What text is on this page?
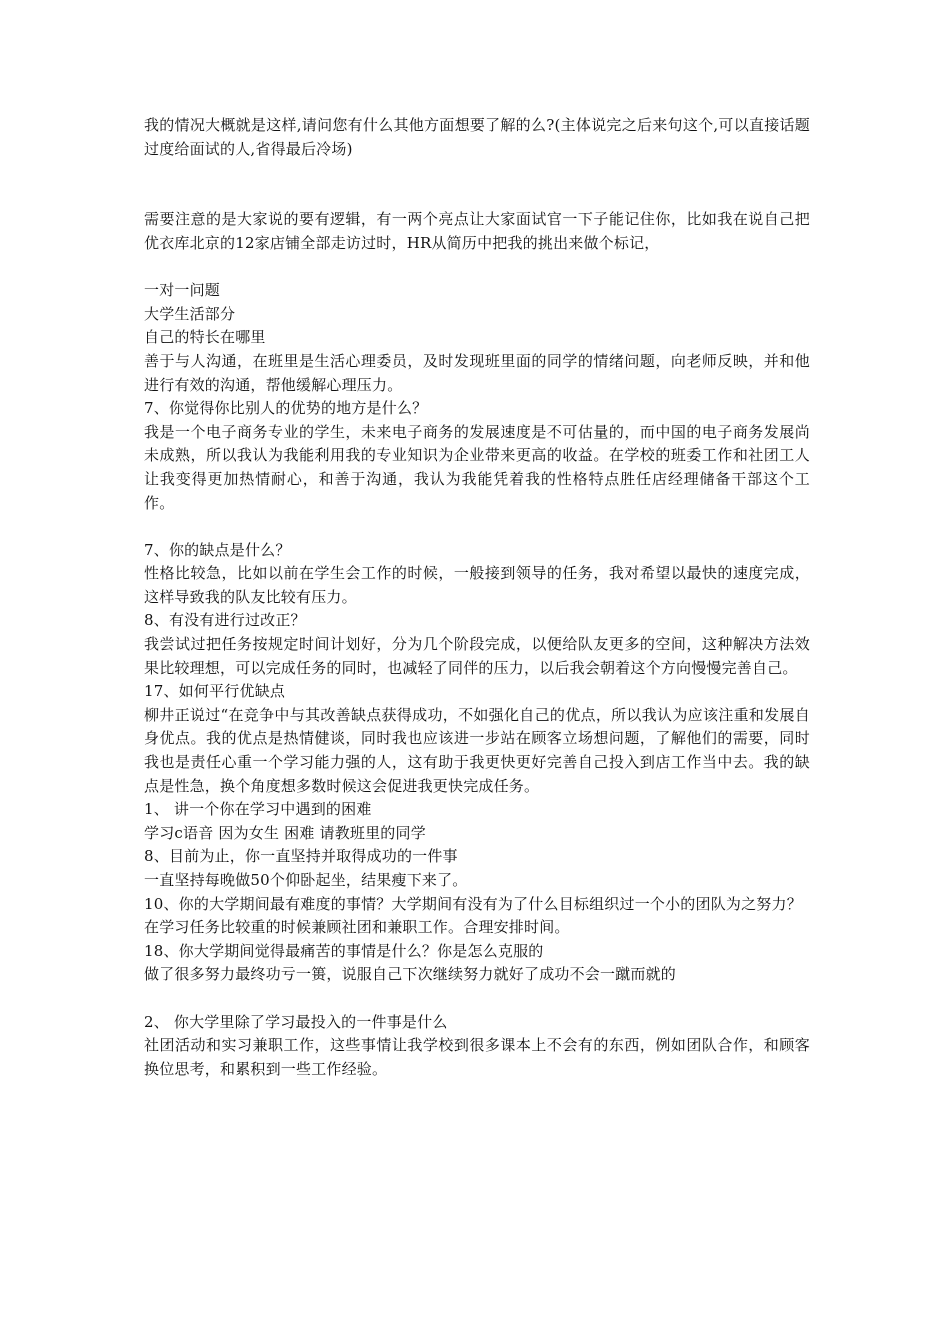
我的情况大概就是这样,请问您有什么其他方面想要了解的么?(主体说完之后来句这个,可以直接话题过度给面试的人,省得最后冷场)

需要注意的是大家说的要有逻辑，有一两个亮点让大家面试官一下子能记住你，比如我在说自己把优衣库北京的12家店铺全部走访过时，HR从简历中把我的挑出来做个标记，

一对一问题

大学生活部分

自己的特长在哪里

善于与人沟通，在班里是生活心理委员，及时发现班里面的同学的情绪问题，向老师反映，并和他进行有效的沟通，帮他缓解心理压力。

7、你觉得你比别人的优势的地方是什么？

我是一个电子商务专业的学生，未来电子商务的发展速度是不可估量的，而中国的电子商务发展尚未成熟，所以我认为我能利用我的专业知识为企业带来更高的收益。在学校的班委工作和社团工人让我变得更加热情耐心，和善于沟通，我认为我能凭着我的性格特点胜任店经理储备干部这个工作。

7、你的缺点是什么？

性格比较急，比如以前在学生会工作的时候，一般接到领导的任务，我对希望以最快的速度完成，这样导致我的队友比较有压力。

8、有没有进行过改正？

我尝试过把任务按规定时间计划好，分为几个阶段完成，以便给队友更多的空间，这种解决方法效果比较理想，可以完成任务的同时，也减轻了同伴的压力，以后我会朝着这个方向慢慢完善自己。

17、如何平行优缺点

柳井正说过“在竞争中与其改善缺点获得成功，不如强化自己的优点，所以我认为应该注重和发展自身优点。我的优点是热情健谈，同时我也应该进一步站在顾客立场想问题，了解他们的需要，同时我也是责任心重一个学习能力强的人，这有助于我更快更好完善自己投入到店工作当中去。我的缺点是性急，换个角度想多数时候这会促进我更快完成任务。

1、 讲一个你在学习中遇到的困难

学习c语音 因为女生 困难 请教班里的同学

8、目前为止，你一直坚持并取得成功的一件事

一直坚持每晚做50个仰卧起坐，结果瘦下来了。

10、你的大学期间最有难度的事情？大学期间有没有为了什么目标组织过一个小的团队为之努力？

在学习任务比较重的时候兼顾社团和兼职工作。合理安排时间。

18、你大学期间觉得最痛苦的事情是什么？你是怎么克服的

做了很多努力最终功亏一篑，说服自己下次继续努力就好了成功不会一蹴而就的

2、 你大学里除了学习最投入的一件事是什么

社团活动和实习兼职工作，这些事情让我学校到很多课本上不会有的东西，例如团队合作，和顾客换位思考，和累积到一些工作经验。
